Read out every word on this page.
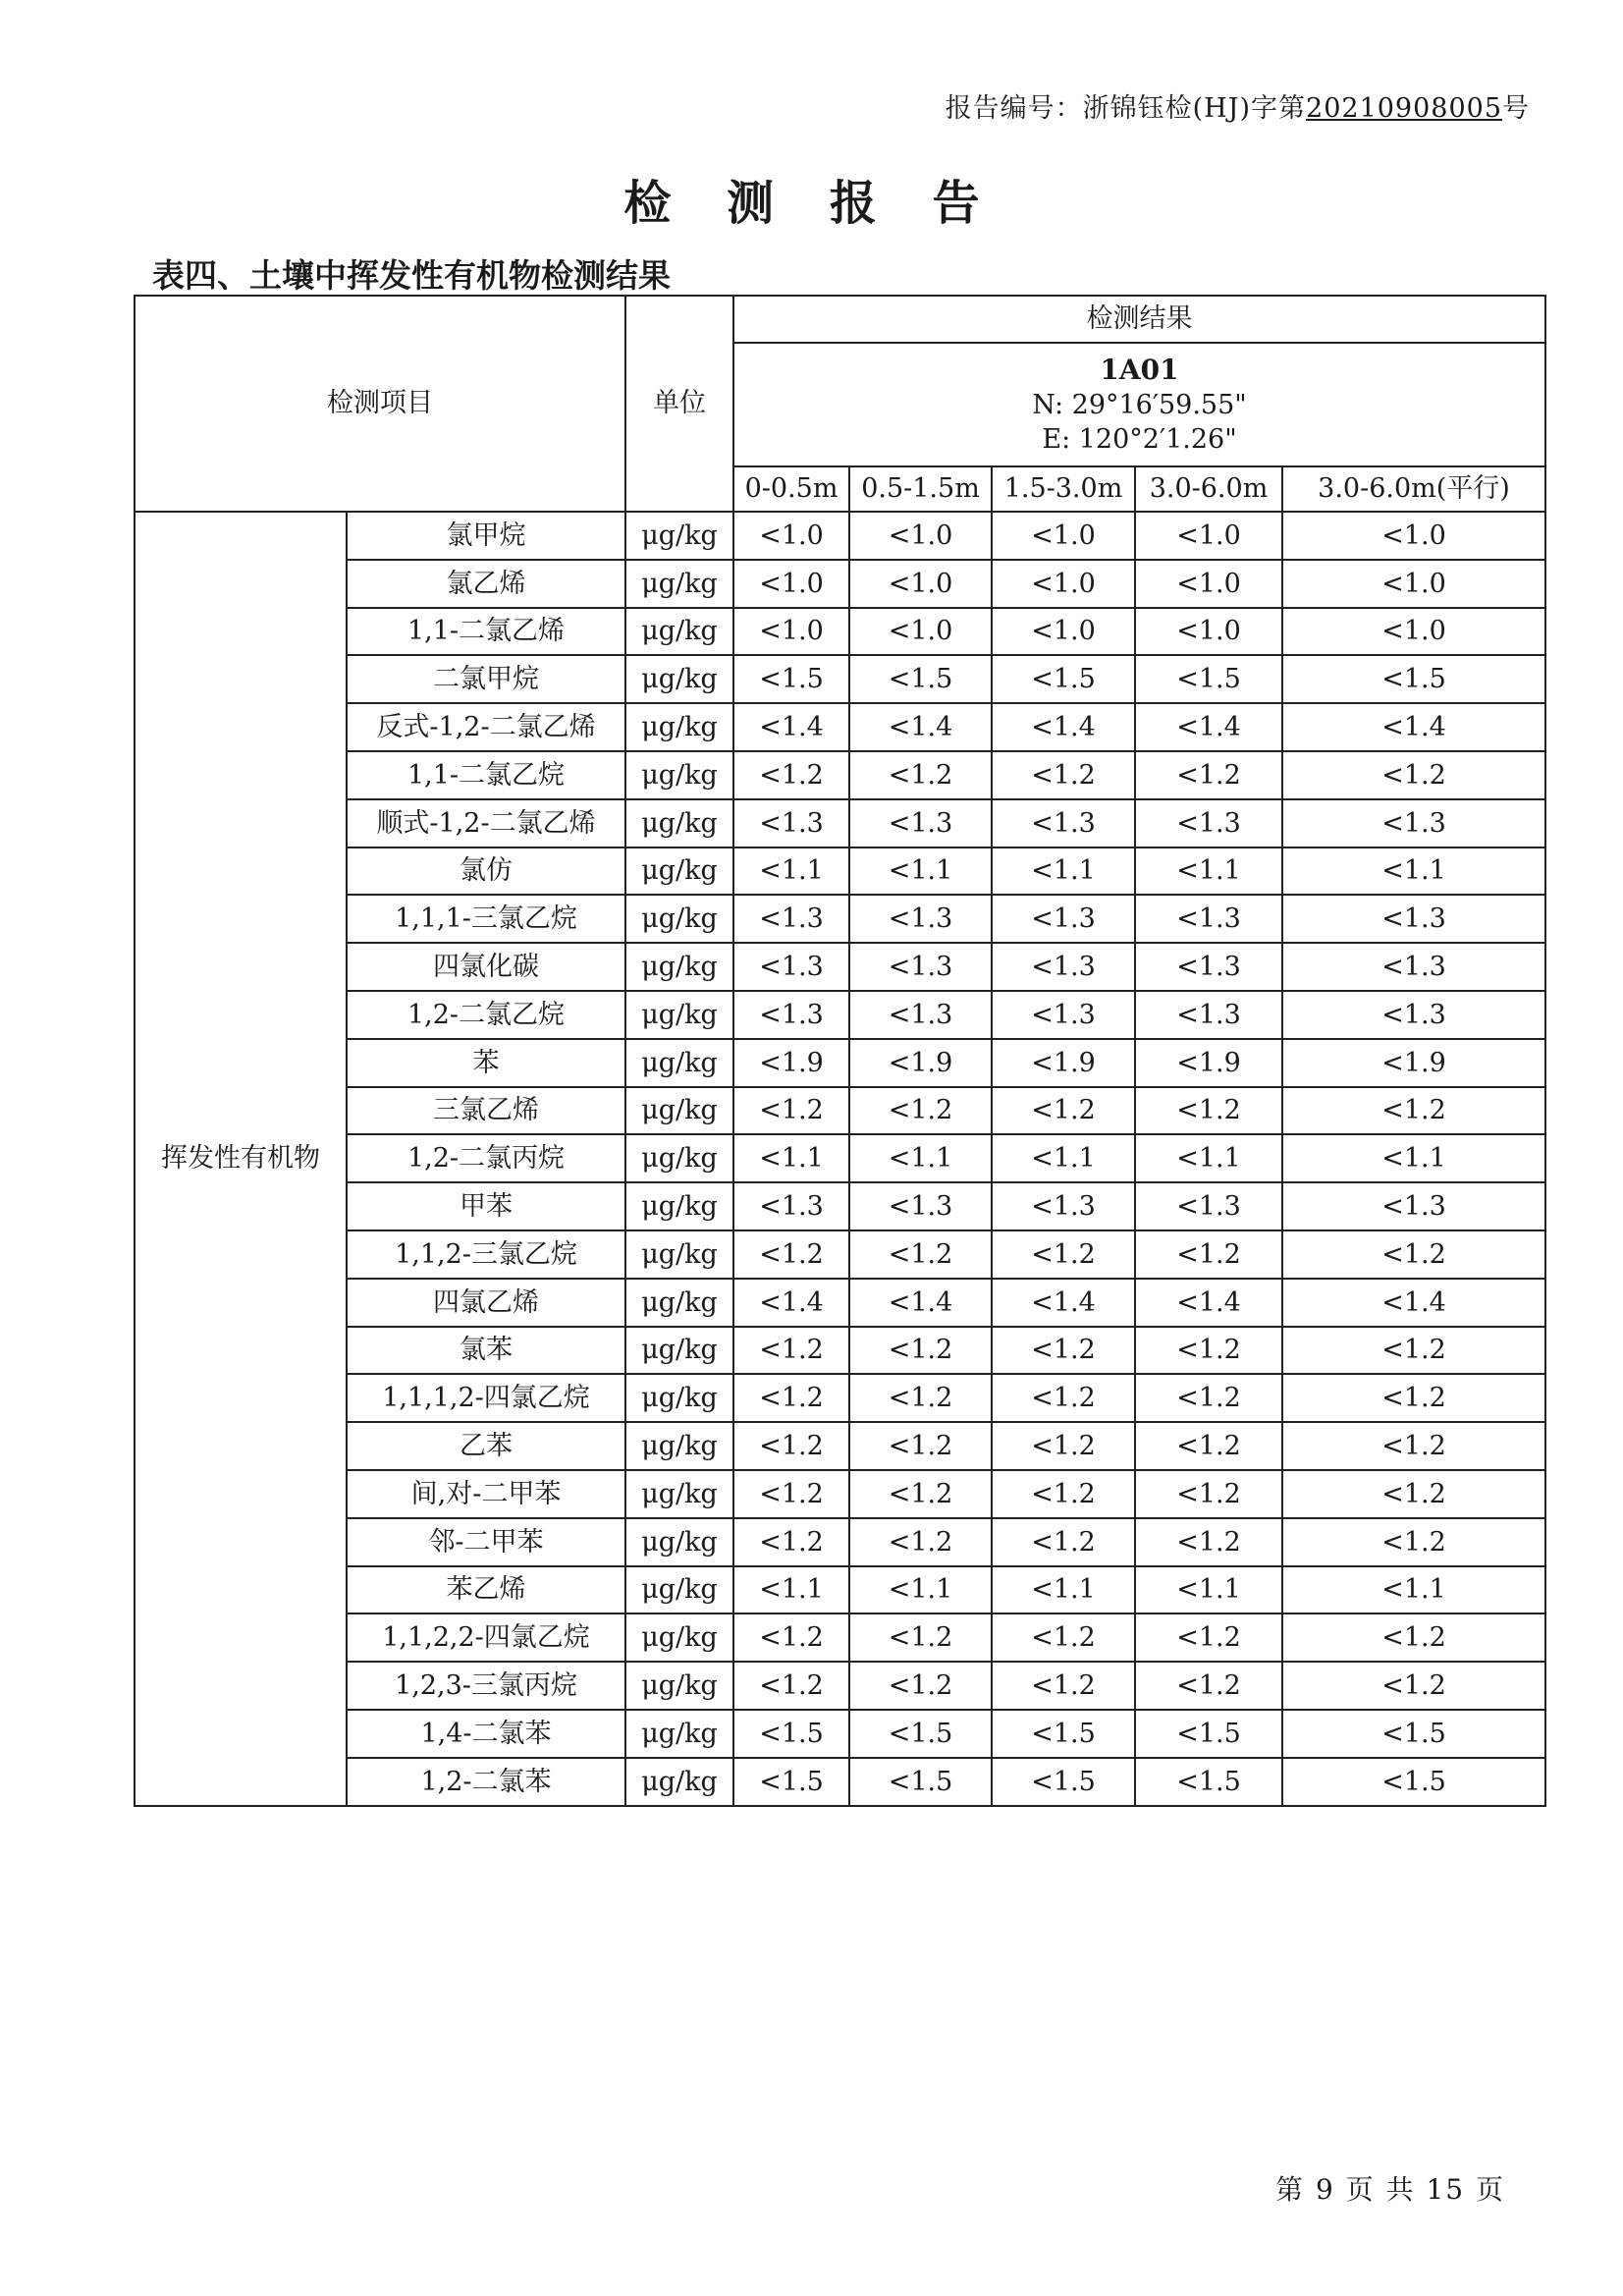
报告编号：浙锦钰检(HJ)字第20210908005号
检 测 报 告
表四、土壤中挥发性有机物检测结果
检测项目		单位	检测结果				
			1A01

N: 29°16′59.55"
E: 120°2′1.26"				

			0-0.5m	0.5-1.5m	1.5-3.0m	3.0-6.0m	3.0-6.0m(平行)
挥发性有机物	氯甲烷	μg/kg	<1.0	<1.0	<1.0	<1.0	<1.0
	氯乙烯	μg/kg	<1.0	<1.0	<1.0	<1.0	<1.0
	1,1-二氯乙烯	μg/kg	<1.0	<1.0	<1.0	<1.0	<1.0
	二氯甲烷	μg/kg	<1.5	<1.5	<1.5	<1.5	<1.5
	反式-1,2-二氯乙烯	μg/kg	<1.4	<1.4	<1.4	<1.4	<1.4
	1,1-二氯乙烷	μg/kg	<1.2	<1.2	<1.2	<1.2	<1.2
	顺式-1,2-二氯乙烯	μg/kg	<1.3	<1.3	<1.3	<1.3	<1.3
	氯仿	μg/kg	<1.1	<1.1	<1.1	<1.1	<1.1
	1,1,1-三氯乙烷	μg/kg	<1.3	<1.3	<1.3	<1.3	<1.3
	四氯化碳	μg/kg	<1.3	<1.3	<1.3	<1.3	<1.3
	1,2-二氯乙烷	μg/kg	<1.3	<1.3	<1.3	<1.3	<1.3
	苯	μg/kg	<1.9	<1.9	<1.9	<1.9	<1.9
	三氯乙烯	μg/kg	<1.2	<1.2	<1.2	<1.2	<1.2
	1,2-二氯丙烷	μg/kg	<1.1	<1.1	<1.1	<1.1	<1.1
	甲苯	μg/kg	<1.3	<1.3	<1.3	<1.3	<1.3
	1,1,2-三氯乙烷	μg/kg	<1.2	<1.2	<1.2	<1.2	<1.2
	四氯乙烯	μg/kg	<1.4	<1.4	<1.4	<1.4	<1.4
	氯苯	μg/kg	<1.2	<1.2	<1.2	<1.2	<1.2
	1,1,1,2-四氯乙烷	μg/kg	<1.2	<1.2	<1.2	<1.2	<1.2
	乙苯	μg/kg	<1.2	<1.2	<1.2	<1.2	<1.2
	间,对-二甲苯	μg/kg	<1.2	<1.2	<1.2	<1.2	<1.2
	邻-二甲苯	μg/kg	<1.2	<1.2	<1.2	<1.2	<1.2
	苯乙烯	μg/kg	<1.1	<1.1	<1.1	<1.1	<1.1
	1,1,2,2-四氯乙烷	μg/kg	<1.2	<1.2	<1.2	<1.2	<1.2
	1,2,3-三氯丙烷	μg/kg	<1.2	<1.2	<1.2	<1.2	<1.2
	1,4-二氯苯	μg/kg	<1.5	<1.5	<1.5	<1.5	<1.5
	1,2-二氯苯	μg/kg	<1.5	<1.5	<1.5	<1.5	<1.5
第 9 页 共 15 页
